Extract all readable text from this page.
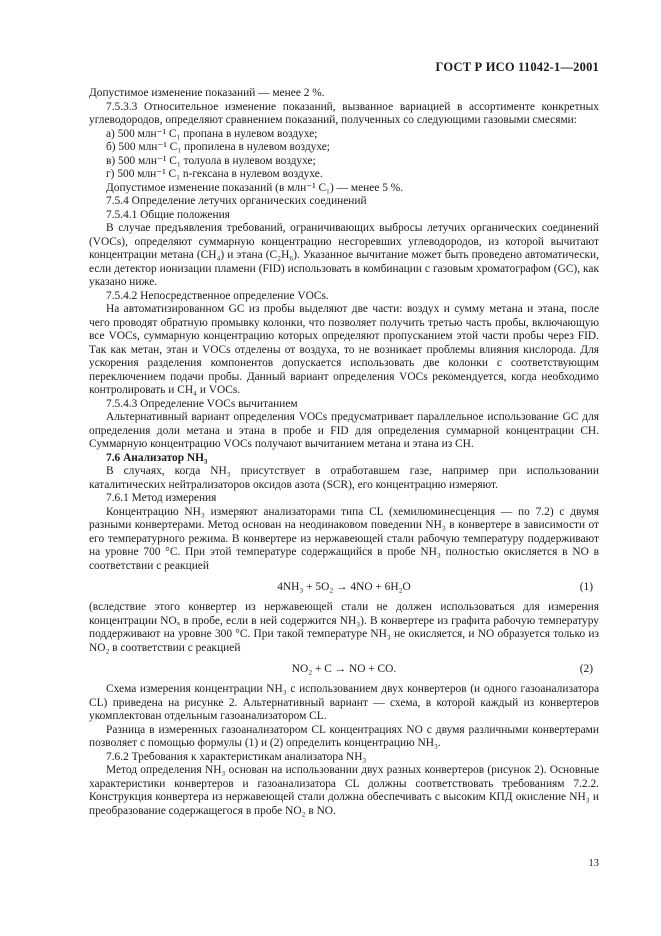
ГОСТ Р ИСО 11042-1—2001

Допустимое изменение показаний — менее 2 %.

7.5.3.3 Относительное изменение показаний, вызванное вариацией в ассортименте конкретных углеводородов, определяют сравнением показаний, полученных со следующими газовыми смесями:

а) 500 млн⁻¹ C₁ пропана в нулевом воздухе;

б) 500 млн⁻¹ C₁ пропилена в нулевом воздухе;

в) 500 млн⁻¹ C₁ толуола в нулевом воздухе;

г) 500 млн⁻¹ C₁ n-гексана в нулевом воздухе.

Допустимое изменение показаний (в млн⁻¹ C₁) — менее 5 %.

7.5.4 Определение летучих органических соединений

7.5.4.1 Общие положения

В случае предъявления требований, ограничивающих выбросы летучих органических соединений (VOCs), определяют суммарную концентрацию несгоревших углеводородов, из которой вычитают концентрации метана (CH₄) и этана (C₂H₆). Указанное вычитание может быть проведено автоматически, если детектор ионизации пламени (FID) использовать в комбинации с газовым хроматографом (GC), как указано ниже.

7.5.4.2 Непосредственное определение VOCs.

На автоматизированном GC из пробы выделяют две части: воздух и сумму метана и этана, после чего проводят обратную промывку колонки, что позволяет получить третью часть пробы, включающую все VOCs, суммарную концентрацию которых определяют пропусканием этой части пробы через FID. Так как метан, этан и VOCs отделены от воздуха, то не возникает проблемы влияния кислорода. Для ускорения разделения компонентов допускается использовать две колонки с соответствующим переключением подачи пробы. Данный вариант определения VOCs рекомендуется, когда необходимо контролировать и CH₄ и VOCs.

7.5.4.3 Определение VOCs вычитанием

Альтернативный вариант определения VOCs предусматривает параллельное использование GC для определения доли метана и этана в пробе и FID для определения суммарной концентрации CH. Суммарную концентрацию VOCs получают вычитанием метана и этана из CH.

7.6 Анализатор NH₃

В случаях, когда NH₃ присутствует в отработавшем газе, например при использовании каталитических нейтрализаторов оксидов азота (SCR), его концентрацию измеряют.

7.6.1 Метод измерения

Концентрацию NH₃ измеряют анализаторами типа CL (хемилюминесценция — по 7.2) с двумя разными конвертерами. Метод основан на неодинаковом поведении NH₃ в конвертере в зависимости от его температурного режима. В конвертере из нержавеющей стали рабочую температуру поддерживают на уровне 700 °C. При этой температуре содержащийся в пробе NH₃ полностью окисляется в NO в соответствии с реакцией

4NH₃ + 5O₂ → 4NO + 6H₂O	(1)

(вследствие этого конвертер из нержавеющей стали не должен использоваться для измерения концентрации NOₓ в пробе, если в ней содержится NH₃). В конвертере из графита рабочую температуру поддерживают на уровне 300 °C. При такой температуре NH₃ не окисляется, и NO образуется только из NO₂ в соответствии с реакцией

NO₂ + C → NO + CO.	(2)

Схема измерения концентрации NH₃ с использованием двух конвертеров (и одного газоанализатора CL) приведена на рисунке 2. Альтернативный вариант — схема, в которой каждый из конвертеров укомплектован отдельным газоанализатором CL.

Разница в измеренных газоанализатором CL концентрациях NO с двумя различными конвертерами позволяет с помощью формулы (1) и (2) определить концентрацию NH₃.

7.6.2 Требования к характеристикам анализатора NH₃

Метод определения NH₃ основан на использовании двух разных конвертеров (рисунок 2). Основные характеристики конвертеров и газоанализатора CL должны соответствовать требованиям 7.2.2. Конструкция конвертера из нержавеющей стали должна обеспечивать с высоким КПД окисление NH₃ и преобразование содержащегося в пробе NO₂ в NO.

13
